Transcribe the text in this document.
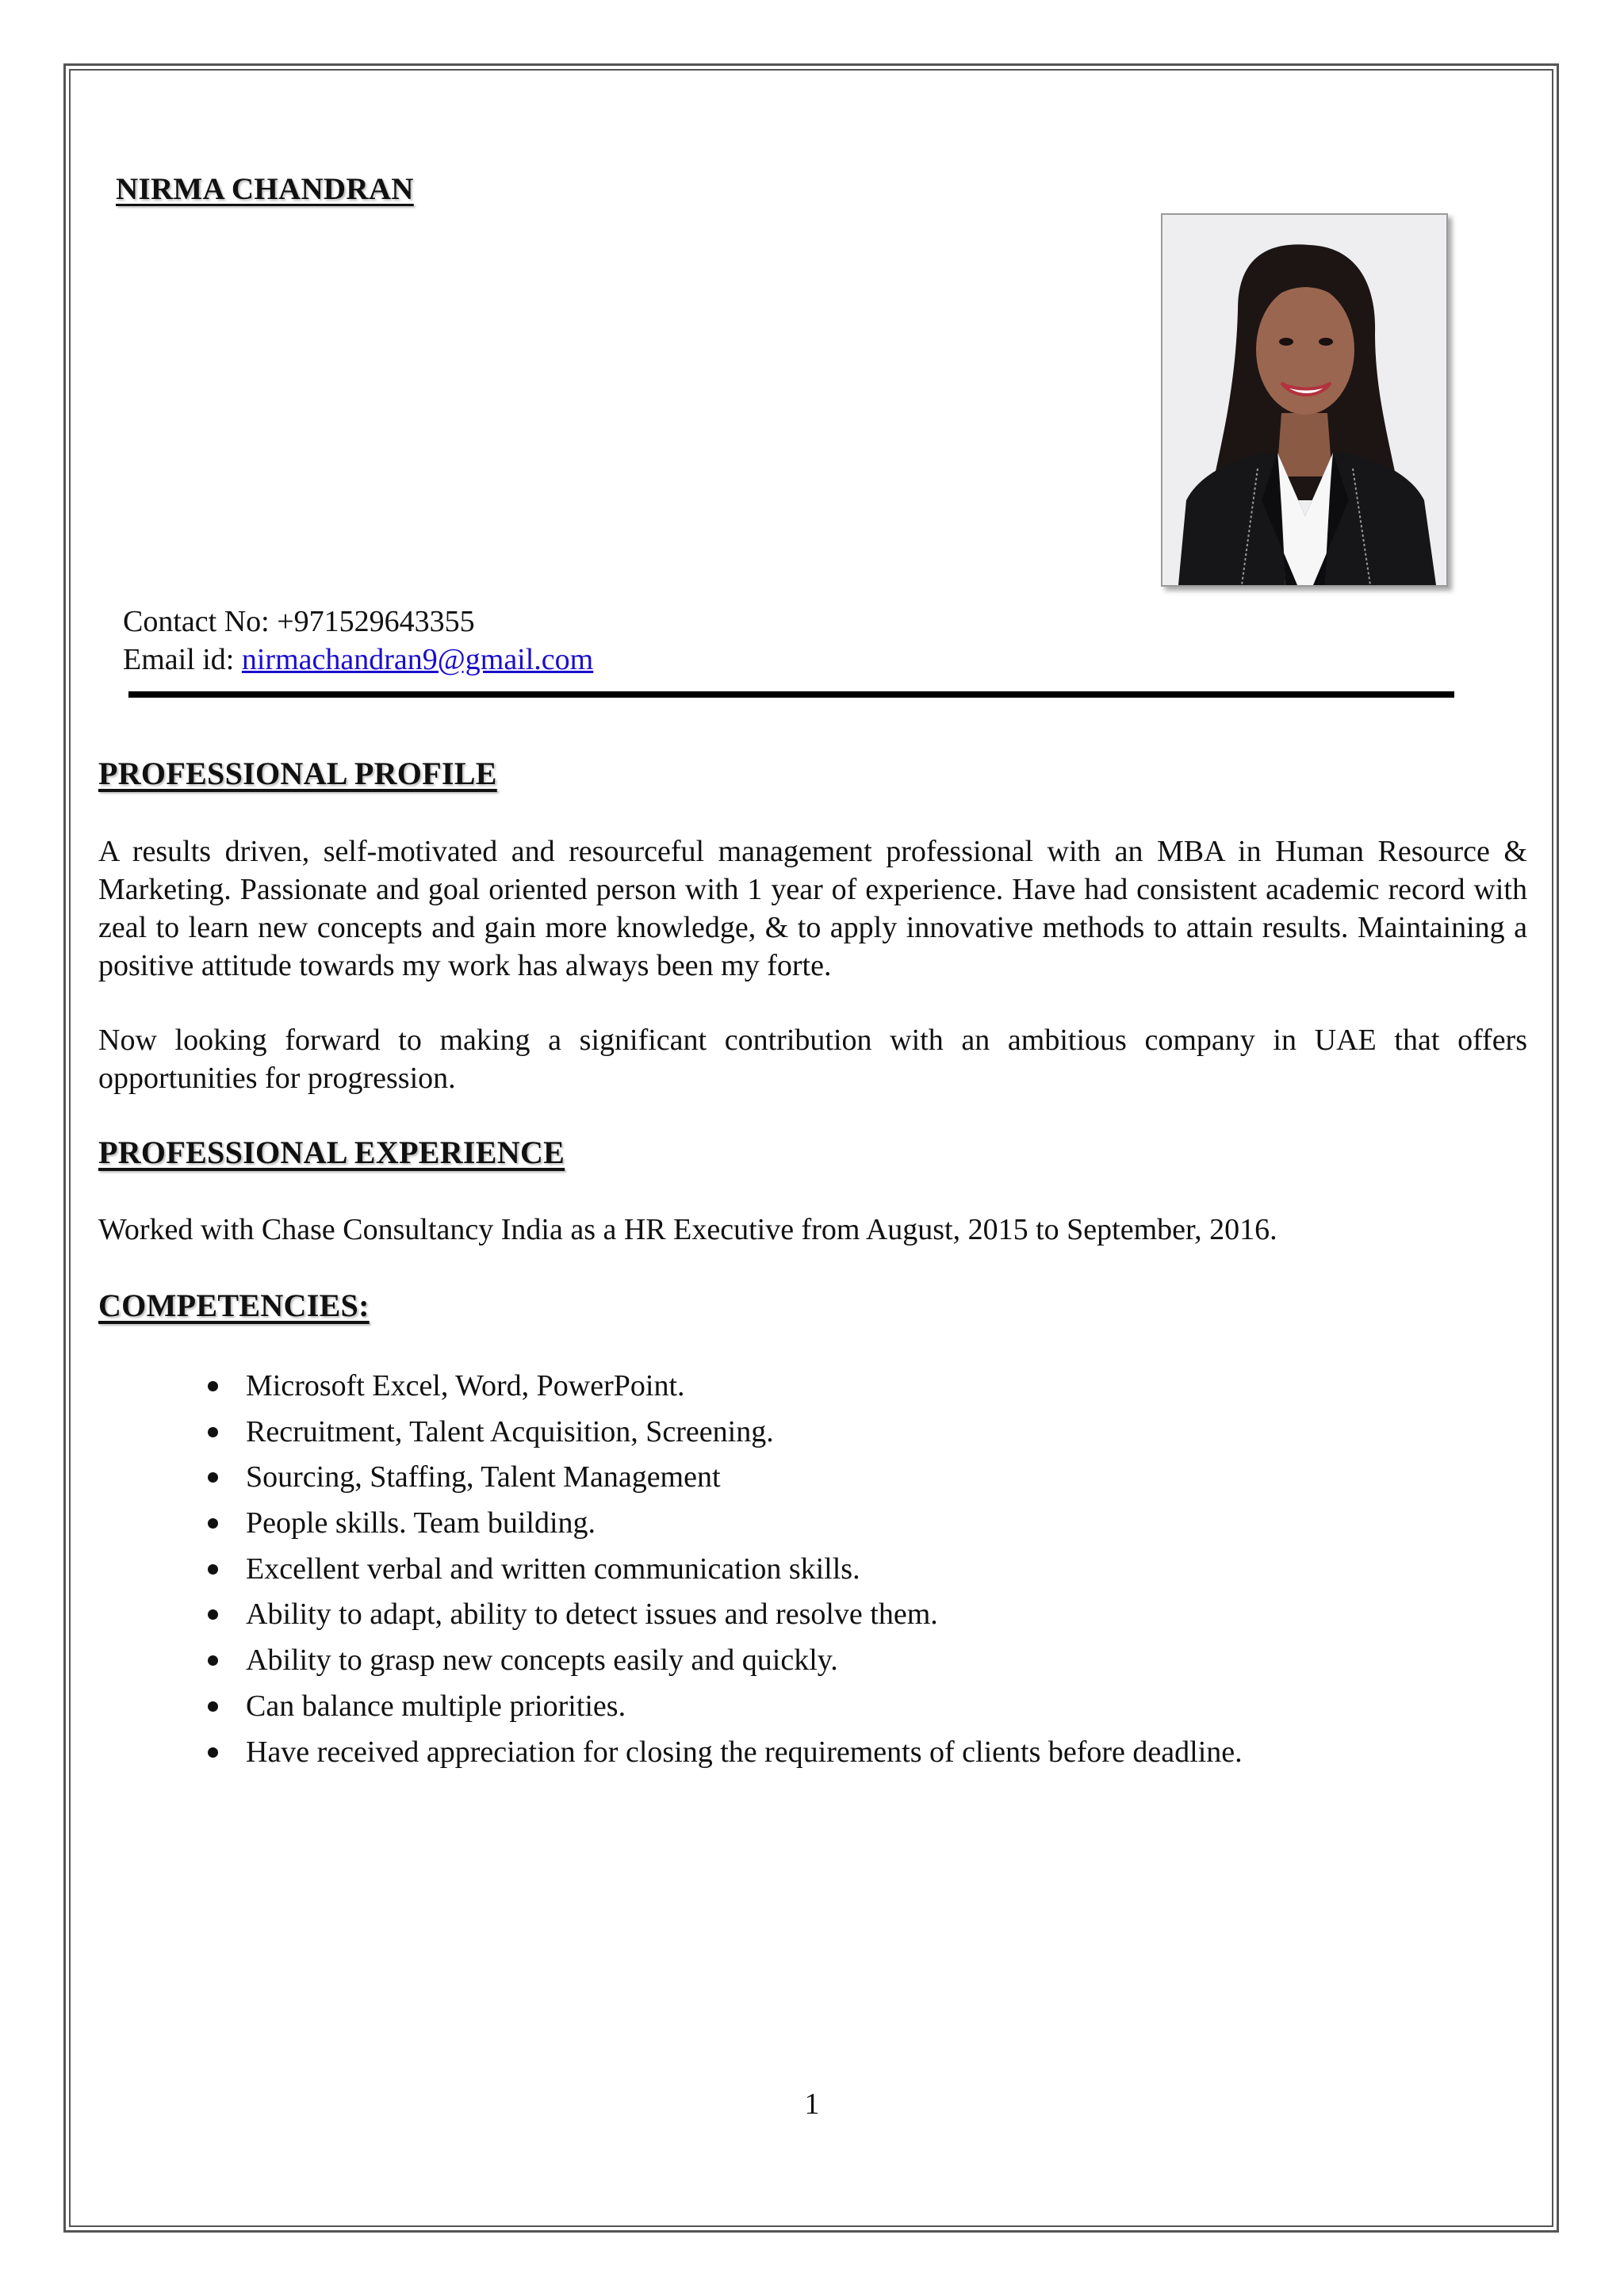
NIRMA CHANDRAN
Contact No: +971529643355
Email id: nirmachandran9@gmail.com
PROFESSIONAL PROFILE

A results driven, self-motivated and resourceful management professional with an MBA in Human Resource & Marketing. Passionate and goal oriented person with 1 year of experience. Have had consistent academic record with zeal to learn new concepts and gain more knowledge, & to apply innovative methods to attain results. Maintaining a positive attitude towards my work has always been my forte.

Now looking forward to making a significant contribution with an ambitious company in UAE that offers opportunities for progression.

PROFESSIONAL EXPERIENCE

Worked with Chase Consultancy India as a HR Executive from August, 2015 to September, 2016.

COMPETENCIES:
Microsoft Excel, Word, PowerPoint.
Recruitment, Talent Acquisition, Screening.
Sourcing, Staffing, Talent Management
People skills. Team building.
Excellent verbal and written communication skills.
Ability to adapt, ability to detect issues and resolve them.
Ability to grasp new concepts easily and quickly.
Can balance multiple priorities.
Have received appreciation for closing the requirements of clients before deadline.
1
